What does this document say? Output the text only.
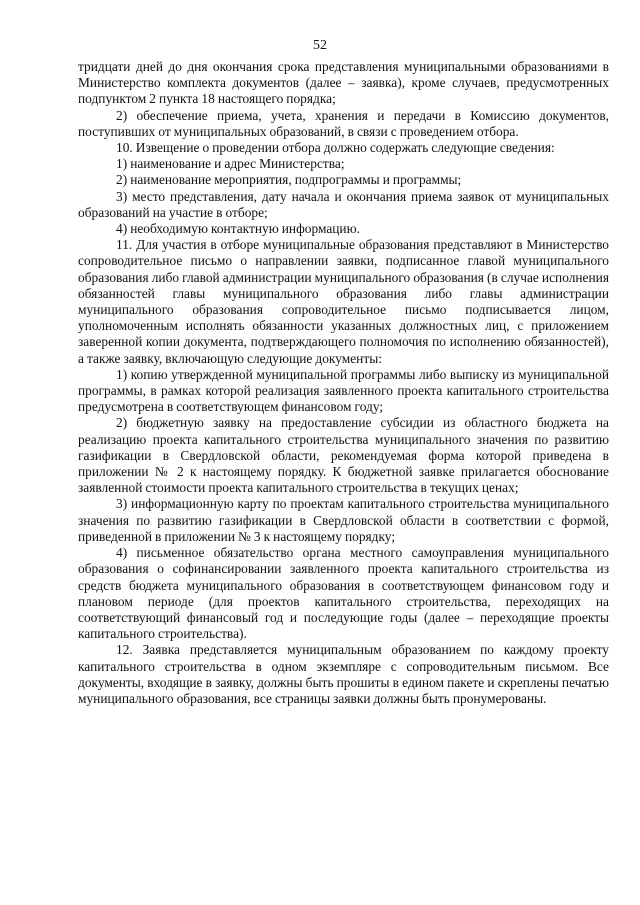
52

тридцати дней до дня окончания срока представления муниципальными образованиями в Министерство комплекта документов (далее – заявка), кроме случаев, предусмотренных подпунктом 2 пункта 18 настоящего порядка;

2) обеспечение приема, учета, хранения и передачи в Комиссию документов, поступивших от муниципальных образований, в связи с проведением отбора.

10. Извещение о проведении отбора должно содержать следующие сведения:

1) наименование и адрес Министерства;

2) наименование мероприятия, подпрограммы и программы;

3) место представления, дату начала и окончания приема заявок от муниципальных образований на участие в отборе;

4) необходимую контактную информацию.

11. Для участия в отборе муниципальные образования представляют в Министерство сопроводительное письмо о направлении заявки, подписанное главой муниципального образования либо главой администрации муниципального образования (в случае исполнения обязанностей главы муниципального образования либо главы администрации муниципального образования сопроводительное письмо подписывается лицом, уполномоченным исполнять обязанности указанных должностных лиц, с приложением заверенной копии документа, подтверждающего полномочия по исполнению обязанностей), а также заявку, включающую следующие документы:

1) копию утвержденной муниципальной программы либо выписку из муниципальной программы, в рамках которой реализация заявленного проекта капитального строительства предусмотрена в соответствующем финансовом году;

2) бюджетную заявку на предоставление субсидии из областного бюджета на реализацию проекта капитального строительства муниципального значения по развитию газификации в Свердловской области, рекомендуемая форма которой приведена в приложении № 2 к настоящему порядку. К бюджетной заявке прилагается обоснование заявленной стоимости проекта капитального строительства в текущих ценах;

3) информационную карту по проектам капитального строительства муниципального значения по развитию газификации в Свердловской области в соответствии с формой, приведенной в приложении № 3 к настоящему порядку;

4) письменное обязательство органа местного самоуправления муниципального образования о софинансировании заявленного проекта капитального строительства из средств бюджета муниципального образования в соответствующем финансовом году и плановом периоде (для проектов капитального строительства, переходящих на соответствующий финансовый год и последующие годы (далее – переходящие проекты капитального строительства).

12. Заявка представляется муниципальным образованием по каждому проекту капитального строительства в одном экземпляре с сопроводительным письмом. Все документы, входящие в заявку, должны быть прошиты в едином пакете и скреплены печатью муниципального образования, все страницы заявки должны быть пронумерованы.
